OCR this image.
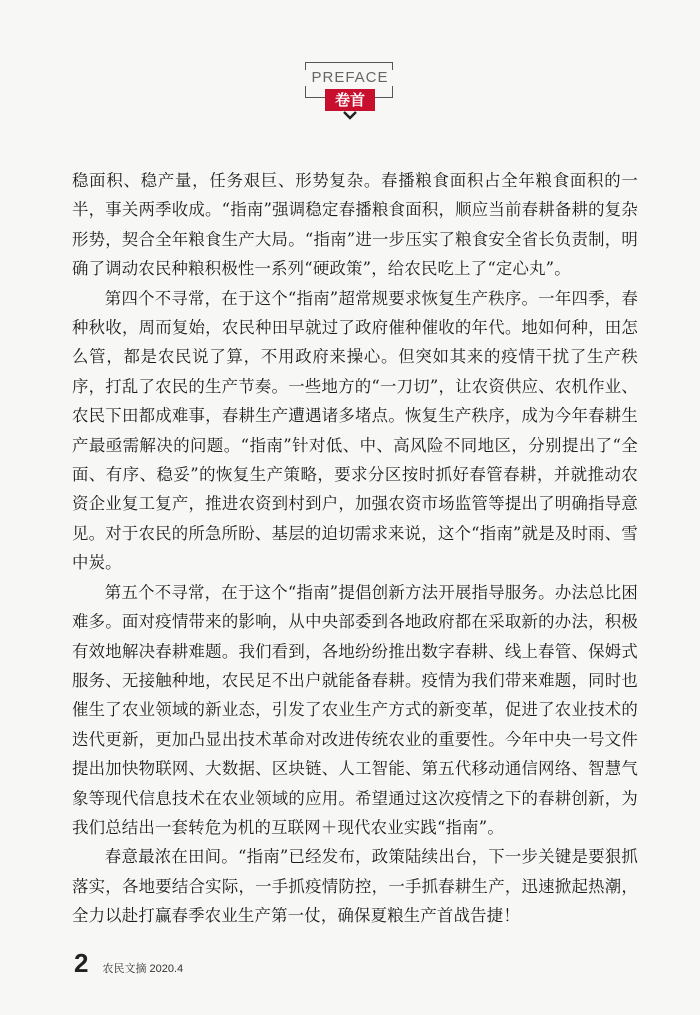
PREFACE
卷首

稳面积、稳产量，任务艰巨、形势复杂。春播粮食面积占全年粮食面积的一半，事关两季收成。“指南”强调稳定春播粮食面积，顺应当前春耕备耕的复杂形势，契合全年粮食生产大局。“指南”进一步压实了粮食安全省长负责制，明确了调动农民种粮积极性一系列“硬政策”，给农民吃上了“定心丸”。

第四个不寻常，在于这个“指南”超常规要求恢复生产秩序。一年四季，春种秋收，周而复始，农民种田早就过了政府催种催收的年代。地如何种，田怎么管，都是农民说了算，不用政府来操心。但突如其来的疫情干扰了生产秩序，打乱了农民的生产节奏。一些地方的“一刀切”，让农资供应、农机作业、农民下田都成难事，春耕生产遭遇诸多堵点。恢复生产秩序，成为今年春耕生产最亟需解决的问题。“指南”针对低、中、高风险不同地区，分别提出了“全面、有序、稳妥”的恢复生产策略，要求分区按时抓好春管春耕，并就推动农资企业复工复产，推进农资到村到户，加强农资市场监管等提出了明确指导意见。对于农民的所急所盼、基层的迫切需求来说，这个“指南”就是及时雨、雪中炭。

第五个不寻常，在于这个“指南”提倡创新方法开展指导服务。办法总比困难多。面对疫情带来的影响，从中央部委到各地政府都在采取新的办法，积极有效地解决春耕难题。我们看到，各地纷纷推出数字春耕、线上春管、保姆式服务、无接触种地，农民足不出户就能备春耕。疫情为我们带来难题，同时也催生了农业领域的新业态，引发了农业生产方式的新变革，促进了农业技术的迭代更新，更加凸显出技术革命对改进传统农业的重要性。今年中央一号文件提出加快物联网、大数据、区块链、人工智能、第五代移动通信网络、智慧气象等现代信息技术在农业领域的应用。希望通过这次疫情之下的春耕创新，为我们总结出一套转危为机的互联网＋现代农业实践“指南”。

春意最浓在田间。“指南”已经发布，政策陆续出台，下一步关键是要狠抓落实，各地要结合实际，一手抓疫情防控，一手抓春耕生产，迅速掀起热潮，全力以赴打赢春季农业生产第一仗，确保夏粮生产首战告捷！

2 农民文摘 2020.4
